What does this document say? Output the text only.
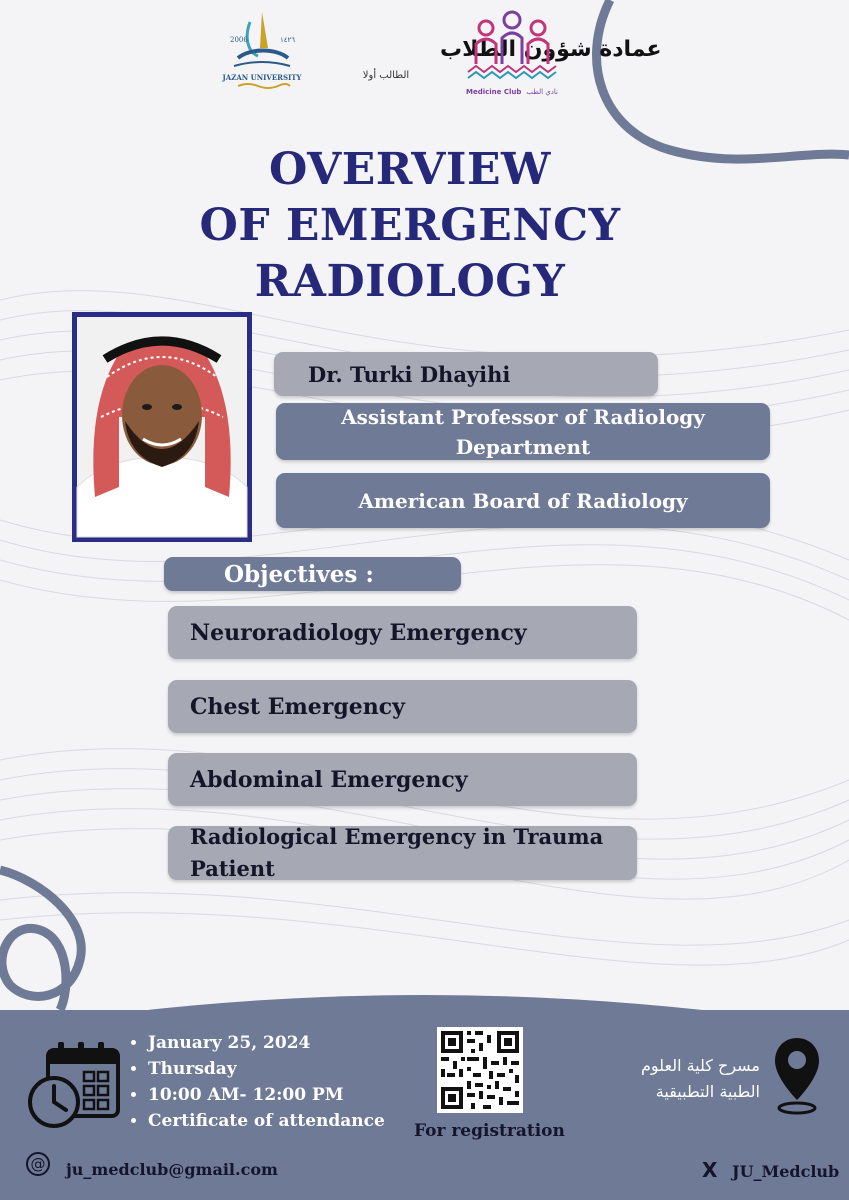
2006	١٤٢٦
JAZAN UNIVERSITY
عمادة شؤون الطلاب
الطالب أولا
Medicine Club نادي الطب
OVERVIEW
OF EMERGENCY
RADIOLOGY
Dr. Turki Dhayihi
Assistant Professor of Radiology
Department
American Board of Radiology
Objectives :
Neuroradiology Emergency
Chest Emergency
Abdominal Emergency
Radiological Emergency in Trauma
Patient
• January 25, 2024
• Thursday
• 10:00 AM- 12:00 PM
• Certificate of attendance For registration
مسرح كلية العلوم
الطبية التطبيقية
@ ju_medclub@gmail.com	X JU_Medclub
